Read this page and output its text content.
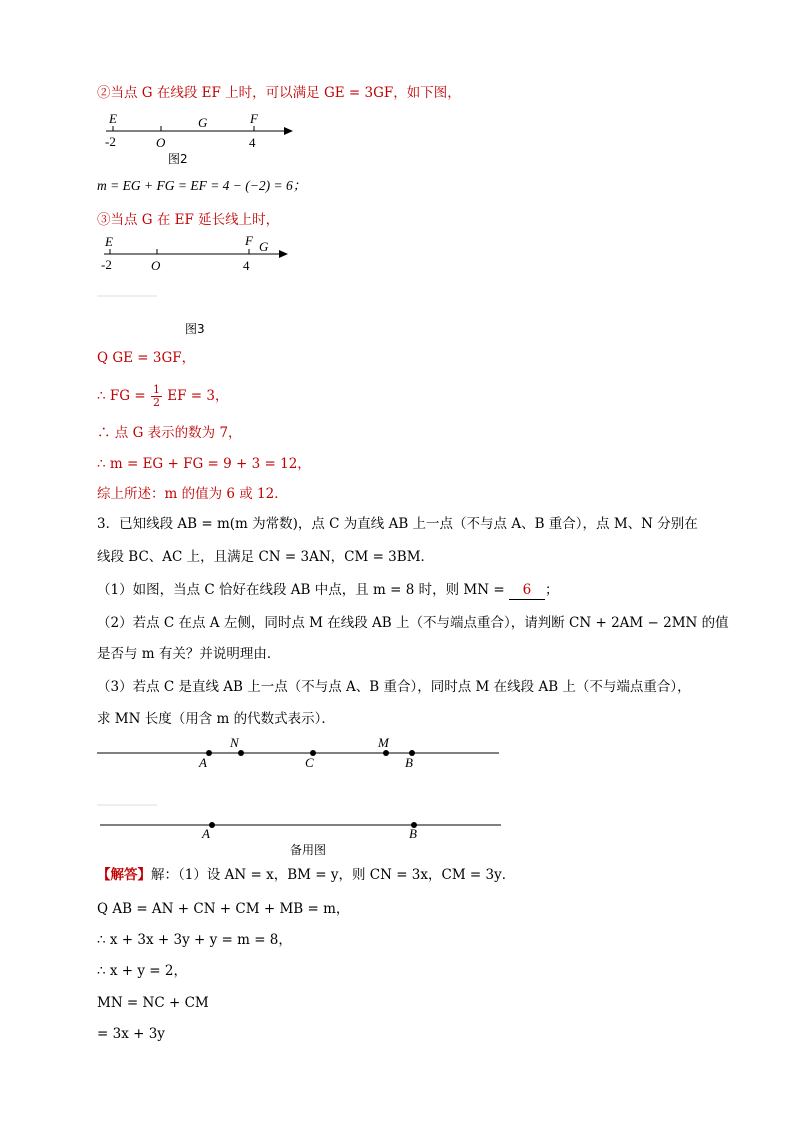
②当点 G 在线段 EF 上时，可以满足 GE = 3GF，如下图，
m = EG + FG = EF = 4 − (−2) = 6；
③当点 G 在 EF 延长线上时，
Q GE = 3GF，
∴ FG = $\frac{1}{2}$ EF = 3，
∴ 点 G 表示的数为 7，
∴ m = EG + FG = 9 + 3 = 12，
综上所述：m 的值为 6 或 12．
3．已知线段 AB = m(m 为常数)，点 C 为直线 AB 上一点（不与点 A、B 重合），点 M、N 分别在
线段 BC、AC 上，且满足 CN = 3AN，CM = 3BM．
（1）如图，当点 C 恰好在线段 AB 中点，且 m = 8 时，则 MN = 6 ；
（2）若点 C 在点 A 左侧，同时点 M 在线段 AB 上（不与端点重合），请判断 CN + 2AM − 2MN 的值
是否与 m 有关？并说明理由．
（3）若点 C 是直线 AB 上一点（不与点 A、B 重合），同时点 M 在线段 AB 上（不与端点重合），
求 MN 长度（用含 m 的代数式表示）．
【解答】解：（1）设 AN = x，BM = y，则 CN = 3x，CM = 3y．
Q AB = AN + CN + CM + MB = m，
∴ x + 3x + 3y + y = m = 8，
∴ x + y = 2，
MN = NC + CM
= 3x + 3y
图2
图3
备用图
E	G	F
-2	O	4
E	F G
-2	O	4
A
N
C
M
B
A	B
